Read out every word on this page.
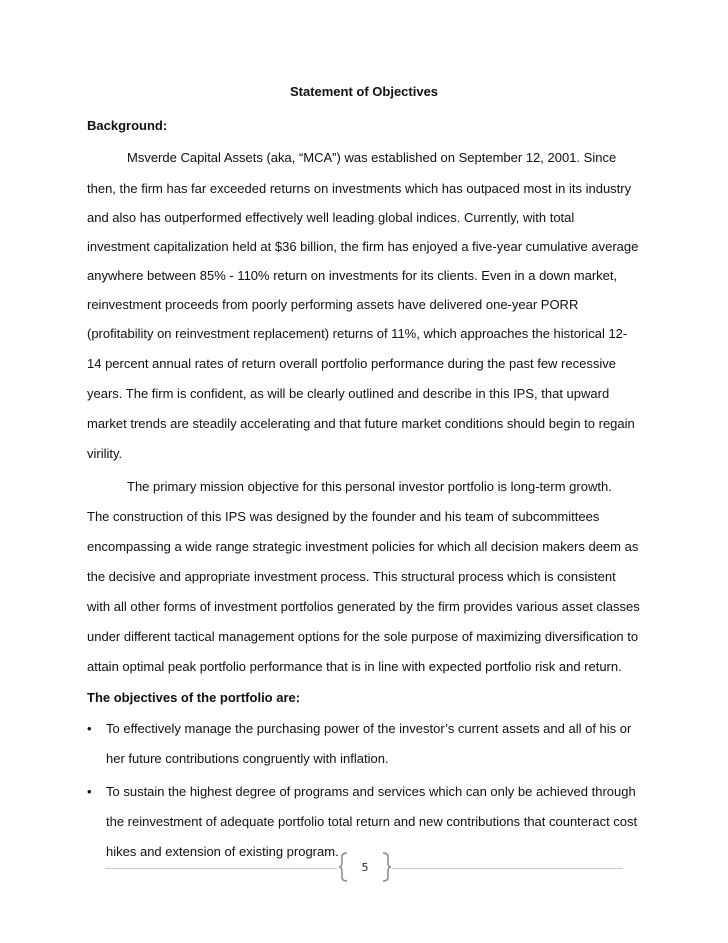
Statement of Objectives
Background:
Msverde Capital Assets (aka, “MCA”) was established on September 12, 2001. Since
then, the firm has far exceeded returns on investments which has outpaced most in its industry
and also has outperformed effectively well leading global indices. Currently, with total
investment capitalization held at $36 billion, the firm has enjoyed a five-year cumulative average
anywhere between 85% - 110% return on investments for its clients. Even in a down market,
reinvestment proceeds from poorly performing assets have delivered one-year PORR
(profitability on reinvestment replacement) returns of 11%, which approaches the historical 12-
14 percent annual rates of return overall portfolio performance during the past few recessive
years. The firm is confident, as will be clearly outlined and describe in this IPS, that upward
market trends are steadily accelerating and that future market conditions should begin to regain
virility.
The primary mission objective for this personal investor portfolio is long-term growth.
The construction of this IPS was designed by the founder and his team of subcommittees
encompassing a wide range strategic investment policies for which all decision makers deem as
the decisive and appropriate investment process. This structural process which is consistent
with all other forms of investment portfolios generated by the firm provides various asset classes
under different tactical management options for the sole purpose of maximizing diversification to
attain optimal peak portfolio performance that is in line with expected portfolio risk and return.
The objectives of the portfolio are:
• To effectively manage the purchasing power of the investor’s current assets and all of his or
her future contributions congruently with inflation.
• To sustain the highest degree of programs and services which can only be achieved through
the reinvestment of adequate portfolio total return and new contributions that counteract cost
hikes and extension of existing program.
5
